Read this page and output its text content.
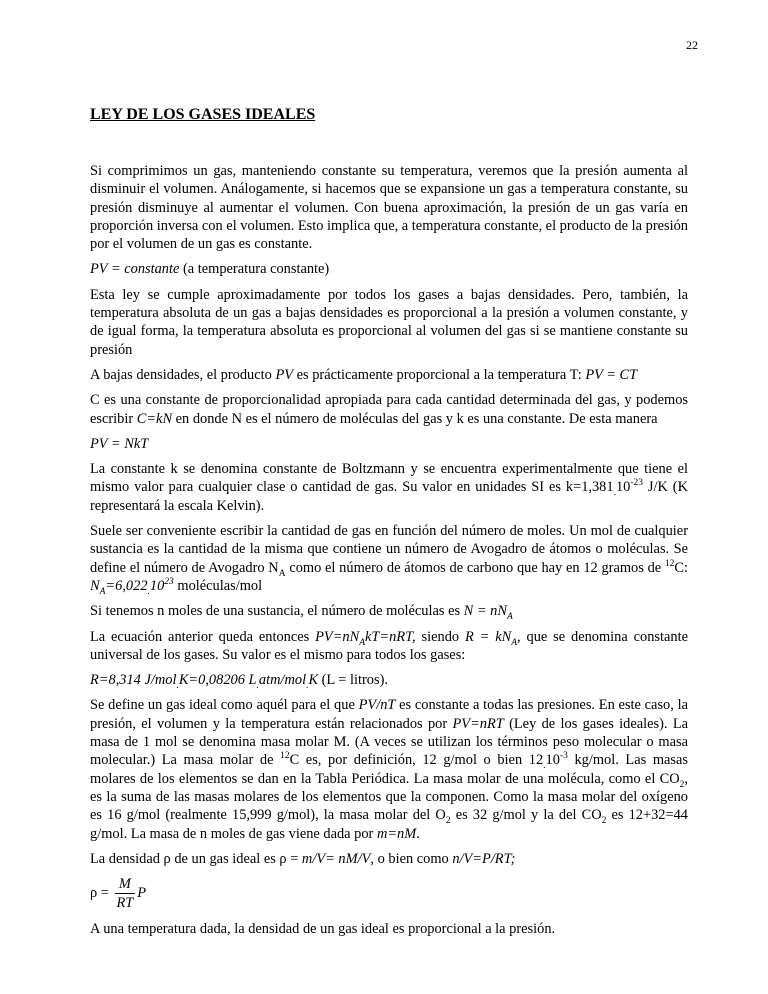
22
LEY DE LOS GASES IDEALES

Si comprimimos un gas, manteniendo constante su temperatura, veremos que la presión aumenta al disminuir el volumen. Análogamente, si hacemos que se expansione un gas a temperatura constante, su presión disminuye al aumentar el volumen. Con buena aproximación, la presión de un gas varía en proporción inversa con el volumen. Esto implica que, a temperatura constante, el producto de la presión por el volumen de un gas es constante.

PV = constante (a temperatura constante)

Esta ley se cumple aproximadamente por todos los gases a bajas densidades. Pero, también, la temperatura absoluta de un gas a bajas densidades es proporcional a la presión a volumen constante, y de igual forma, la temperatura absoluta es proporcional al volumen del gas si se mantiene constante su presión

A bajas densidades, el producto PV es prácticamente proporcional a la temperatura T: PV = CT

C es una constante de proporcionalidad apropiada para cada cantidad determinada del gas, y podemos escribir C=kN en donde N es el número de moléculas del gas y k es una constante. De esta manera

PV = NkT

La constante k se denomina constante de Boltzmann y se encuentra experimentalmente que tiene el mismo valor para cualquier clase o cantidad de gas. Su valor en unidades SI es $k=1,381_.10^{-23}$ J/K (K representará la escala Kelvin).

Suele ser conveniente escribir la cantidad de gas en función del número de moles. Un mol de cualquier sustancia es la cantidad de la misma que contiene un número de Avogadro de átomos o moléculas. Se define el número de Avogadro $N_A$ como el número de átomos de carbono que hay en 12 gramos de $^{12}$C: $N_A=6,022_.10^{23}$ moléculas/mol

Si tenemos n moles de una sustancia, el número de moléculas es $N = nN_A$

La ecuación anterior queda entonces $PV=nN_AkT=nRT$, siendo $R = kN_A$, que se denomina constante universal de los gases. Su valor es el mismo para todos los gases:

R=8,314 J/mol$_.$K=0,08206 $L_.atm/mol_.K$ (L = litros).

Se define un gas ideal como aquél para el que PV/nT es constante a todas las presiones. En este caso, la presión, el volumen y la temperatura están relacionados por PV=nRT (Ley de los gases ideales). La masa de 1 mol se denomina masa molar M. (A veces se utilizan los términos peso molecular o masa molecular.) La masa molar de $^{12}$C es, por definición, 12 g/mol o bien $12_.10^{-3}$ kg/mol. Las masas molares de los elementos se dan en la Tabla Periódica. La masa molar de una molécula, como el $CO_2$, es la suma de las masas molares de los elementos que la componen. Como la masa molar del oxígeno es 16 g/mol (realmente 15,999 g/mol), la masa molar del $O_2$ es 32 g/mol y la del $CO_2$ es 12+32=44 g/mol. La masa de n moles de gas viene dada por m=nM.

La densidad ρ de un gas ideal es ρ = m/V= nM/V, o bien como n/V=P/RT;

$\rho = \frac{M}{RT}$ P

A una temperatura dada, la densidad de un gas ideal es proporcional a la presión.
